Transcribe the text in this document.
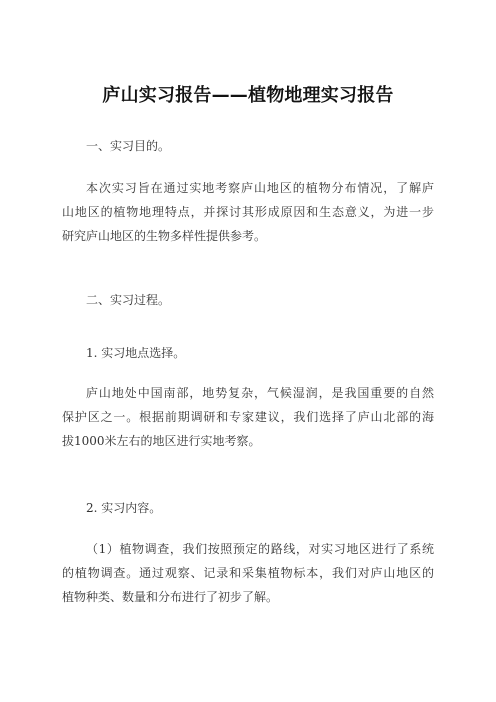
庐山实习报告——植物地理实习报告
一、实习目的。
本次实习旨在通过实地考察庐山地区的植物分布情况，了解庐
山地区的植物地理特点，并探讨其形成原因和生态意义，为进一步
研究庐山地区的生物多样性提供参考。
二、实习过程。
1. 实习地点选择。
庐山地处中国南部，地势复杂，气候湿润，是我国重要的自然
保护区之一。根据前期调研和专家建议，我们选择了庐山北部的海
拔1000米左右的地区进行实地考察。
2. 实习内容。
（1）植物调查，我们按照预定的路线，对实习地区进行了系统
的植物调查。通过观察、记录和采集植物标本，我们对庐山地区的
植物种类、数量和分布进行了初步了解。
